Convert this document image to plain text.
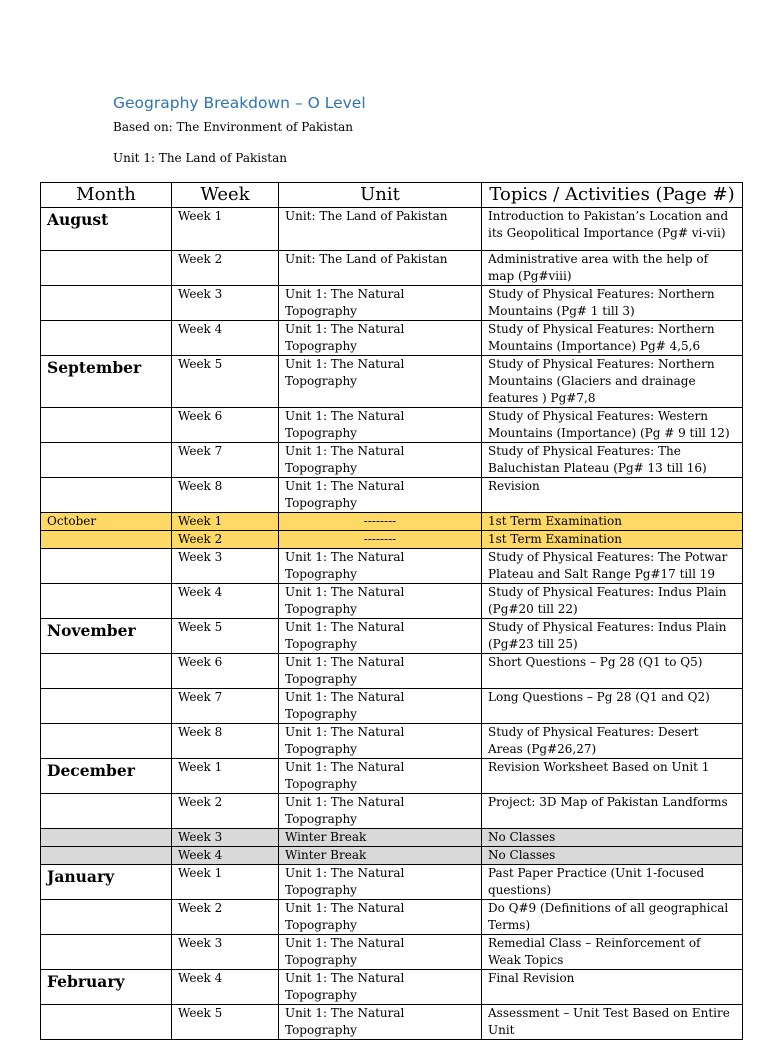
Geography Breakdown – O Level
Based on: The Environment of Pakistan
Unit 1: The Land of Pakistan
Month	Week	Unit	Topics / Activities (Page #)
August	Week 1	Unit: The Land of Pakistan	Introduction to Pakistan’s Location and its Geopolitical Importance (Pg# vi-vii)
	Week 2	Unit: The Land of Pakistan	Administrative area with the help of map (Pg#viii)
	Week 3	Unit 1: The Natural Topography	Study of Physical Features: Northern Mountains (Pg# 1 till 3)
	Week 4	Unit 1: The Natural Topography	Study of Physical Features: Northern Mountains (Importance) Pg# 4,5,6
September	Week 5	Unit 1: The Natural Topography	Study of Physical Features: Northern Mountains (Glaciers and drainage features ) Pg#7,8
	Week 6	Unit 1: The Natural Topography	Study of Physical Features: Western Mountains (Importance) (Pg # 9 till 12)
	Week 7	Unit 1: The Natural Topography	Study of Physical Features: The Baluchistan Plateau (Pg# 13 till 16)
	Week 8	Unit 1: The Natural Topography	Revision
October	Week 1	--------	1st Term Examination
	Week 2	--------	1st Term Examination
	Week 3	Unit 1: The Natural Topography	Study of Physical Features: The Potwar Plateau and Salt Range Pg#17 till 19
	Week 4	Unit 1: The Natural Topography	Study of Physical Features: Indus Plain (Pg#20 till 22)
November	Week 5	Unit 1: The Natural Topography	Study of Physical Features: Indus Plain (Pg#23 till 25)
	Week 6	Unit 1: The Natural Topography	Short Questions – Pg 28 (Q1 to Q5)
	Week 7	Unit 1: The Natural Topography	Long Questions – Pg 28 (Q1 and Q2)
	Week 8	Unit 1: The Natural Topography	Study of Physical Features: Desert Areas (Pg#26,27)
December	Week 1	Unit 1: The Natural Topography	Revision Worksheet Based on Unit 1
	Week 2	Unit 1: The Natural Topography	Project: 3D Map of Pakistan Landforms
	Week 3	Winter Break	No Classes
	Week 4	Winter Break	No Classes
January	Week 1	Unit 1: The Natural Topography	Past Paper Practice (Unit 1-focused questions)
	Week 2	Unit 1: The Natural Topography	Do Q#9 (Definitions of all geographical Terms)
	Week 3	Unit 1: The Natural Topography	Remedial Class – Reinforcement of Weak Topics
February	Week 4	Unit 1: The Natural Topography	Final Revision
	Week 5	Unit 1: The Natural Topography	Assessment – Unit Test Based on Entire Unit
